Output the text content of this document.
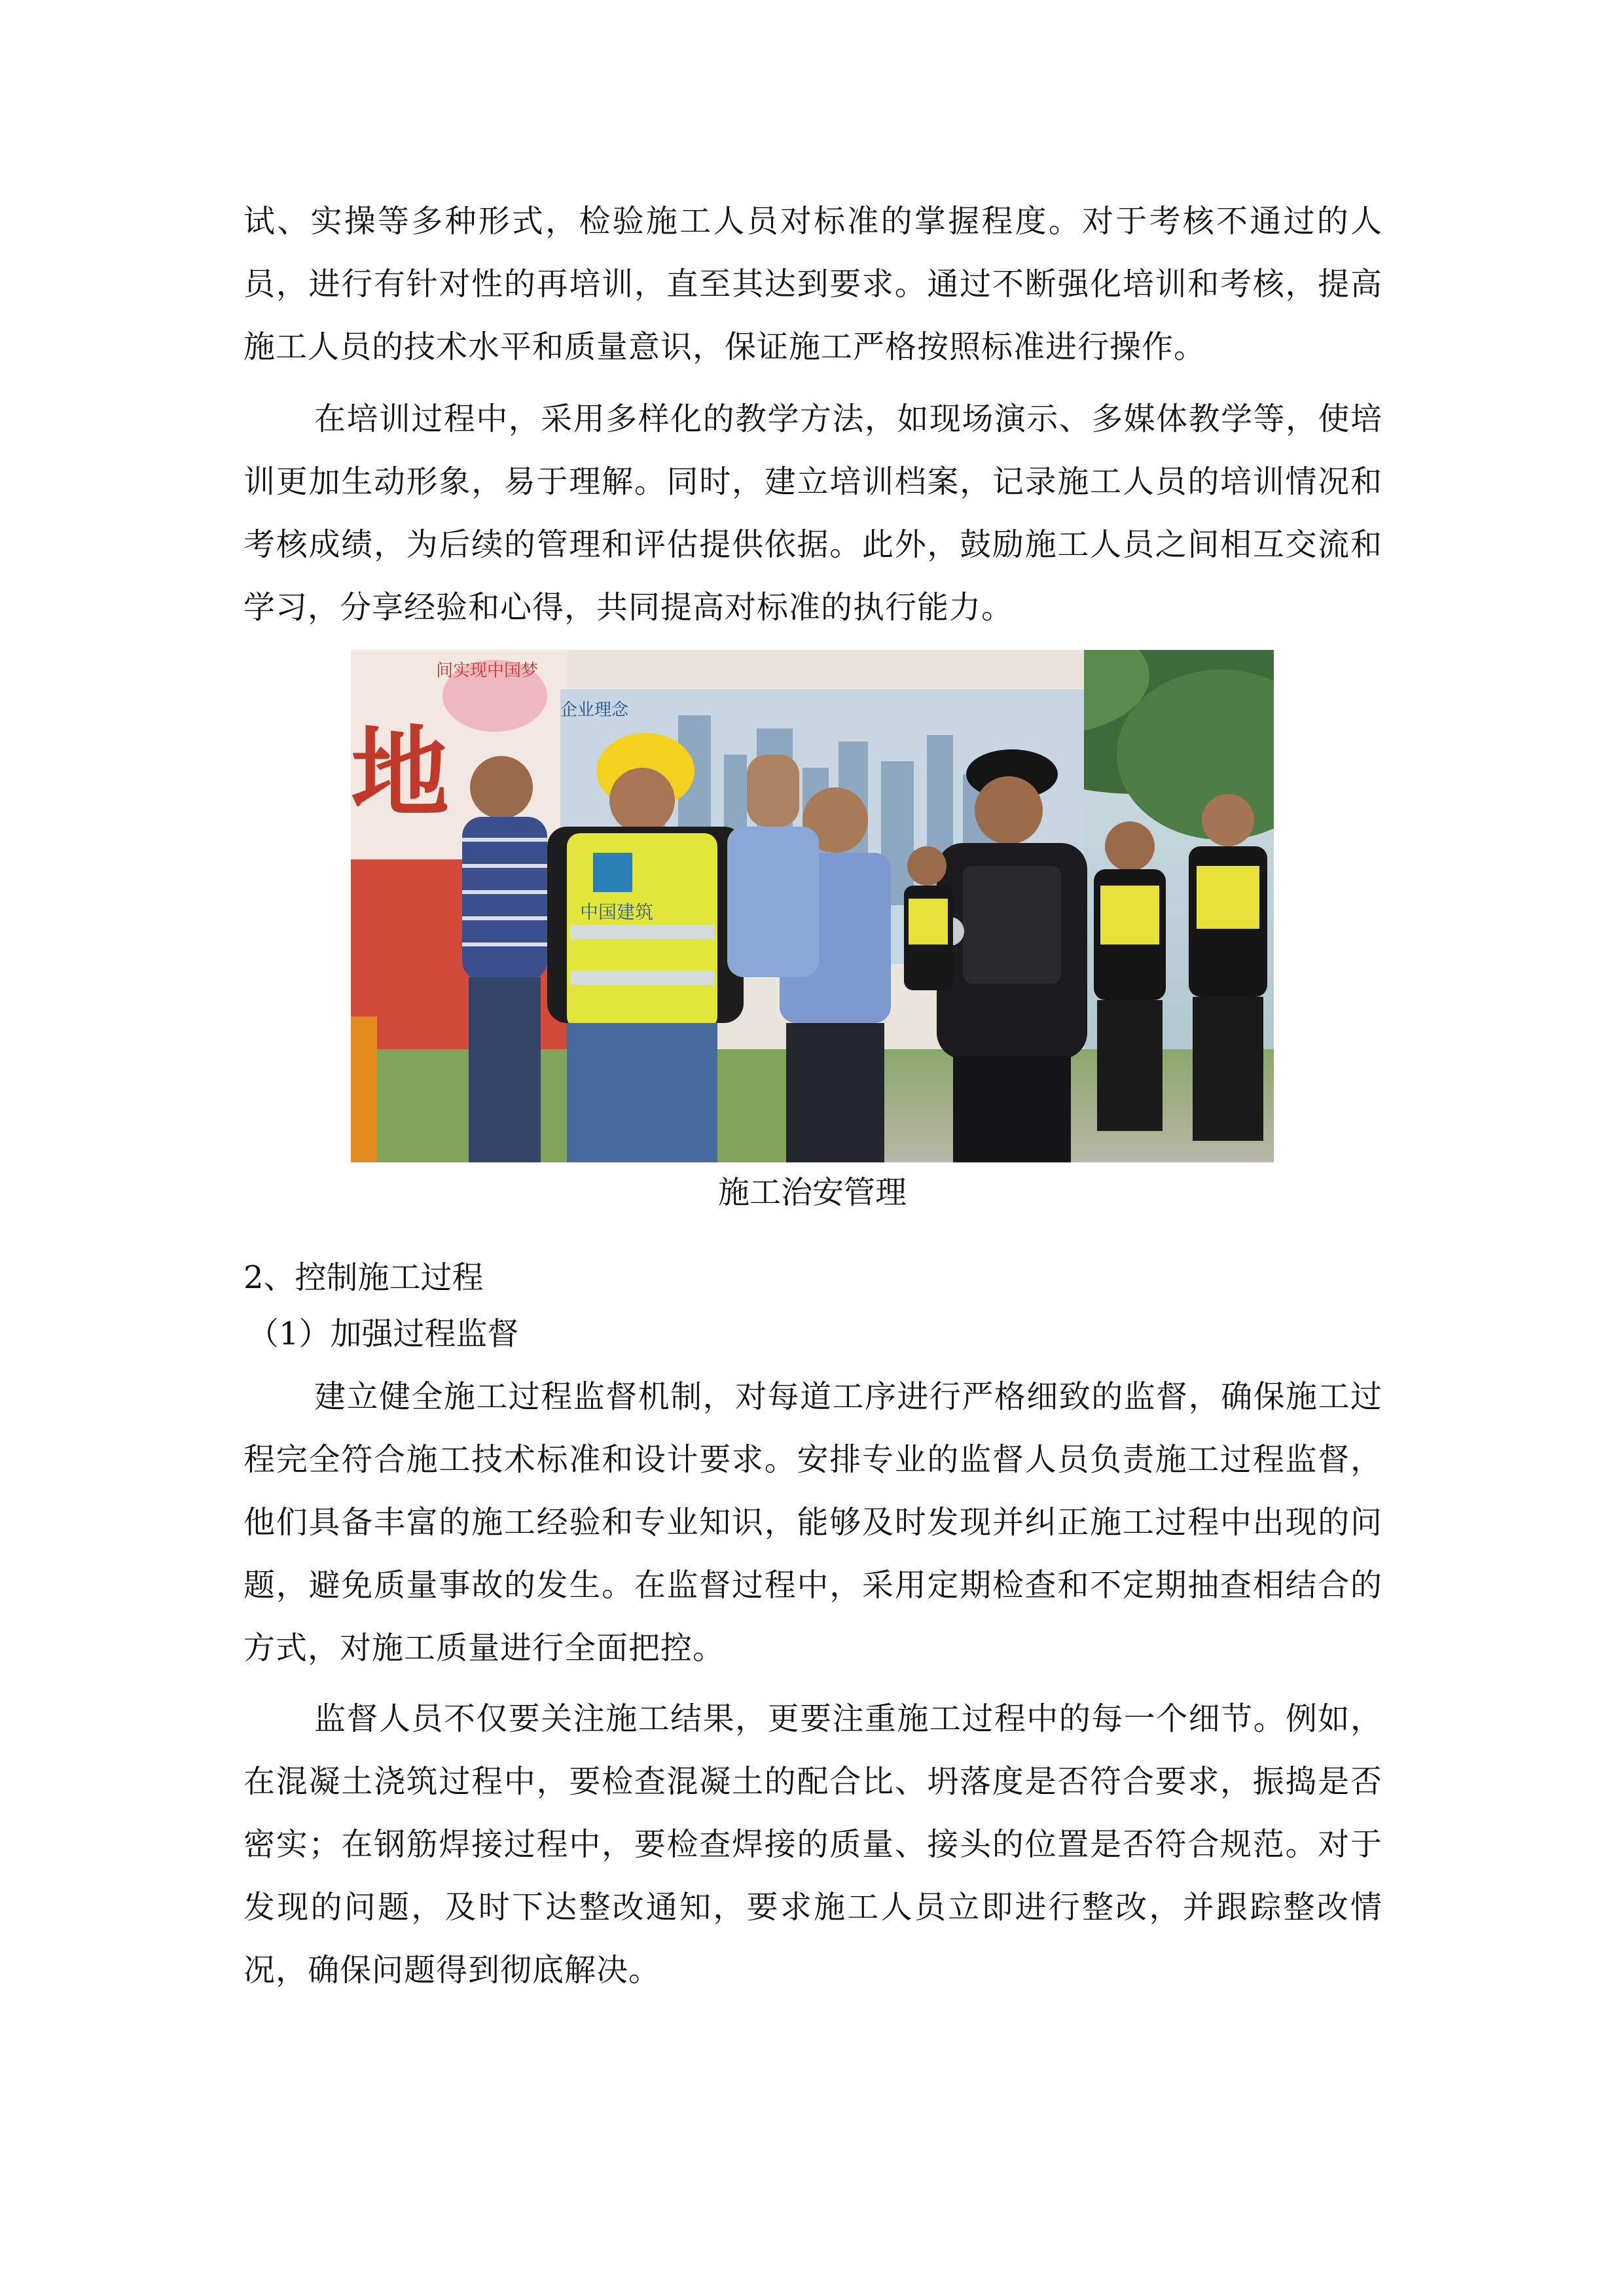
试、实操等多种形式，检验施工人员对标准的掌握程度。对于考核不通过的人员，进行有针对性的再培训，直至其达到要求。通过不断强化培训和考核，提高施工人员的技术水平和质量意识，保证施工严格按照标准进行操作。

在培训过程中，采用多样化的教学方法，如现场演示、多媒体教学等，使培训更加生动形象，易于理解。同时，建立培训档案，记录施工人员的培训情况和考核成绩，为后续的管理和评估提供依据。此外，鼓励施工人员之间相互交流和学习，分享经验和心得，共同提高对标准的执行能力。

间实现中国梦
企业理念
地
中国建筑

施工治安管理

2、控制施工过程

（1）加强过程监督

建立健全施工过程监督机制，对每道工序进行严格细致的监督，确保施工过程完全符合施工技术标准和设计要求。安排专业的监督人员负责施工过程监督，他们具备丰富的施工经验和专业知识，能够及时发现并纠正施工过程中出现的问题，避免质量事故的发生。在监督过程中，采用定期检查和不定期抽查相结合的方式，对施工质量进行全面把控。

监督人员不仅要关注施工结果，更要注重施工过程中的每一个细节。例如，在混凝土浇筑过程中，要检查混凝土的配合比、坍落度是否符合要求，振捣是否密实；在钢筋焊接过程中，要检查焊接的质量、接头的位置是否符合规范。对于发现的问题，及时下达整改通知，要求施工人员立即进行整改，并跟踪整改情况，确保问题得到彻底解决。
